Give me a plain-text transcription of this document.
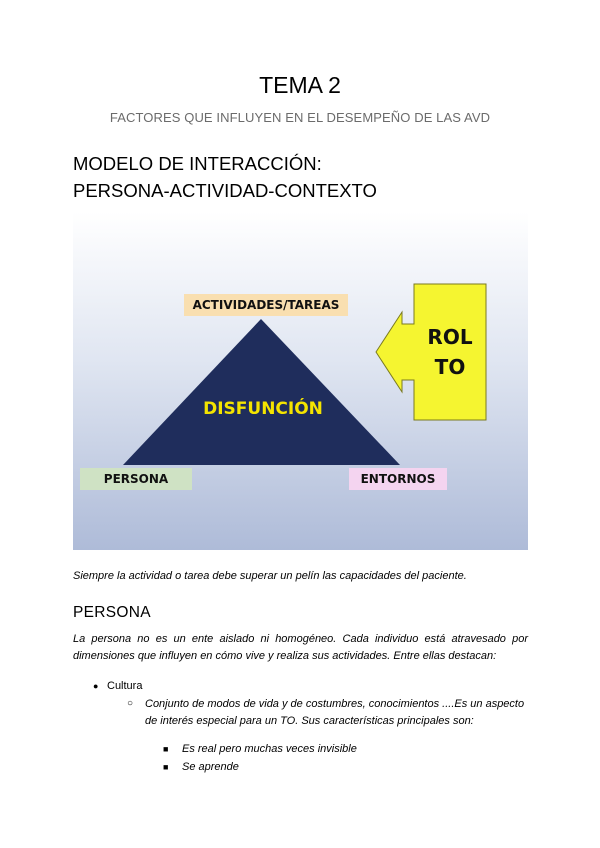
TEMA 2

FACTORES QUE INFLUYEN EN EL DESEMPEÑO DE LAS AVD

MODELO DE INTERACCIÓN:
PERSONA-ACTIVIDAD-CONTEXTO
ACTIVIDADES/TAREAS
DISFUNCIÓN
PERSONA	ENTORNOS
ROL
TO

Siempre la actividad o tarea debe superar un pelín las capacidades del paciente.

PERSONA

La persona no es un ente aislado ni homogéneo. Cada individuo está atravesado por dimensiones que influyen en cómo vive y realiza sus actividades. Entre ellas destacan:

● Cultura
○ Conjunto de modos de vida y de costumbres, conocimientos ....Es un aspecto de interés especial para un TO. Sus características principales son:
■ Es real pero muchas veces invisible
■ Se aprende
